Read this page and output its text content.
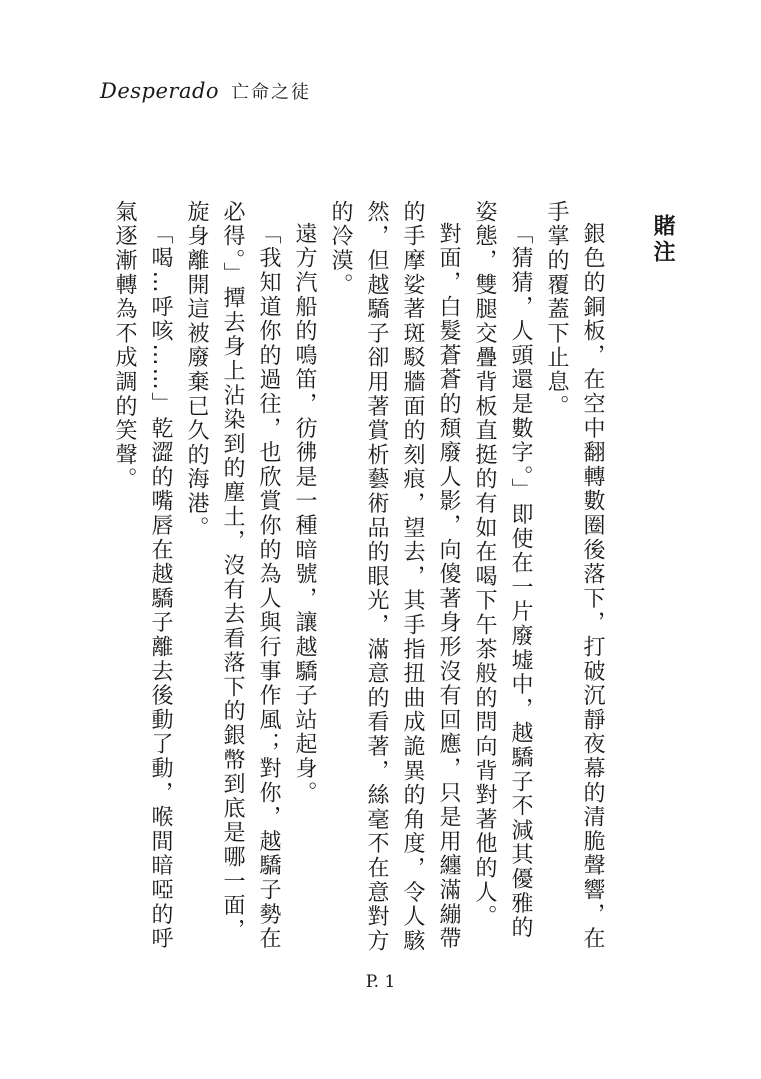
Desperado 亡命之徒

賭注

銀色的銅板，在空中翻轉數圈後落下，打破沉靜夜幕的清脆聲響，在手掌的覆蓋下止息。

「猜猜，人頭還是數字。」即使在一片廢墟中，越驕子不減其優雅的姿態，雙腿交疊背板直挺的有如在喝下午茶般的問向背對著他的人。

對面，白髮蒼蒼的頹廢人影，向傻著身形沒有回應，只是用纏滿繃帶的手摩娑著斑駁牆面的刻痕，望去，其手指扭曲成詭異的角度，令人駭然，但越驕子卻用著賞析藝術品的眼光，滿意的看著，絲毫不在意對方的冷漠。

遠方汽船的鳴笛，彷彿是一種暗號，讓越驕子站起身。

「我知道你的過往，也欣賞你的為人與行事作風；對你，越驕子勢在必得。」撢去身上沾染到的塵土，沒有去看落下的銀幣到底是哪一面，旋身離開這被廢棄已久的海港。

「喝…呼咳……」乾澀的嘴唇在越驕子離去後動了動，喉間暗啞的呼氣逐漸轉為不成調的笑聲。

P. 1
